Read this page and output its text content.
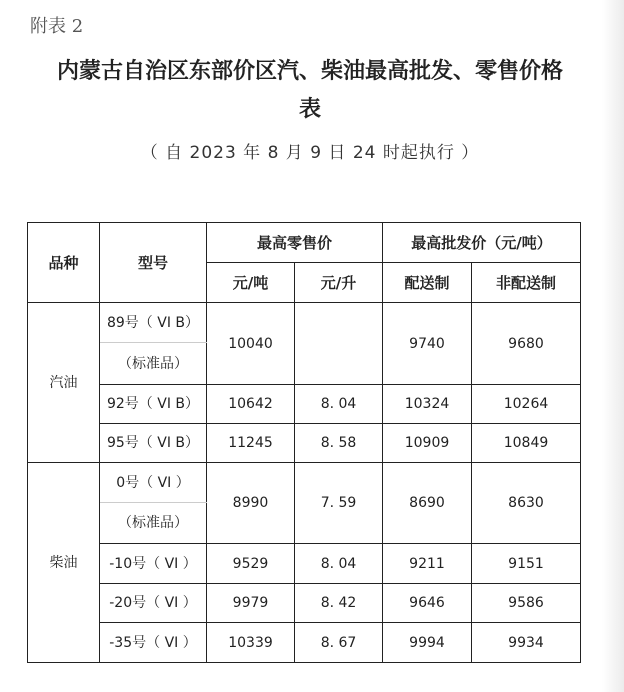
附表 2
内蒙古自治区东部价区汽、柴油最高批发、零售价格
表
（ 自 2023 年 8 月 9 日 24 时起执行 ）
品种	型号	最高零售价		最高批发价（元/吨）	
		元/吨	元/升	配送制	非配送制
汽油	89号（ VI B）	10040		9740	9680
	（标准品）				
	92号（ VI B）	10642	8. 04	10324	10264
	95号（ VI B）	11245	8. 58	10909	10849
柴油	0号（ VI ）	8990	7. 59	8690	8630
	（标准品）				
	-10号（ VI ）	9529	8. 04	9211	9151
	-20号（ VI ）	9979	8. 42	9646	9586
	-35号（ VI ）	10339	8. 67	9994	9934
